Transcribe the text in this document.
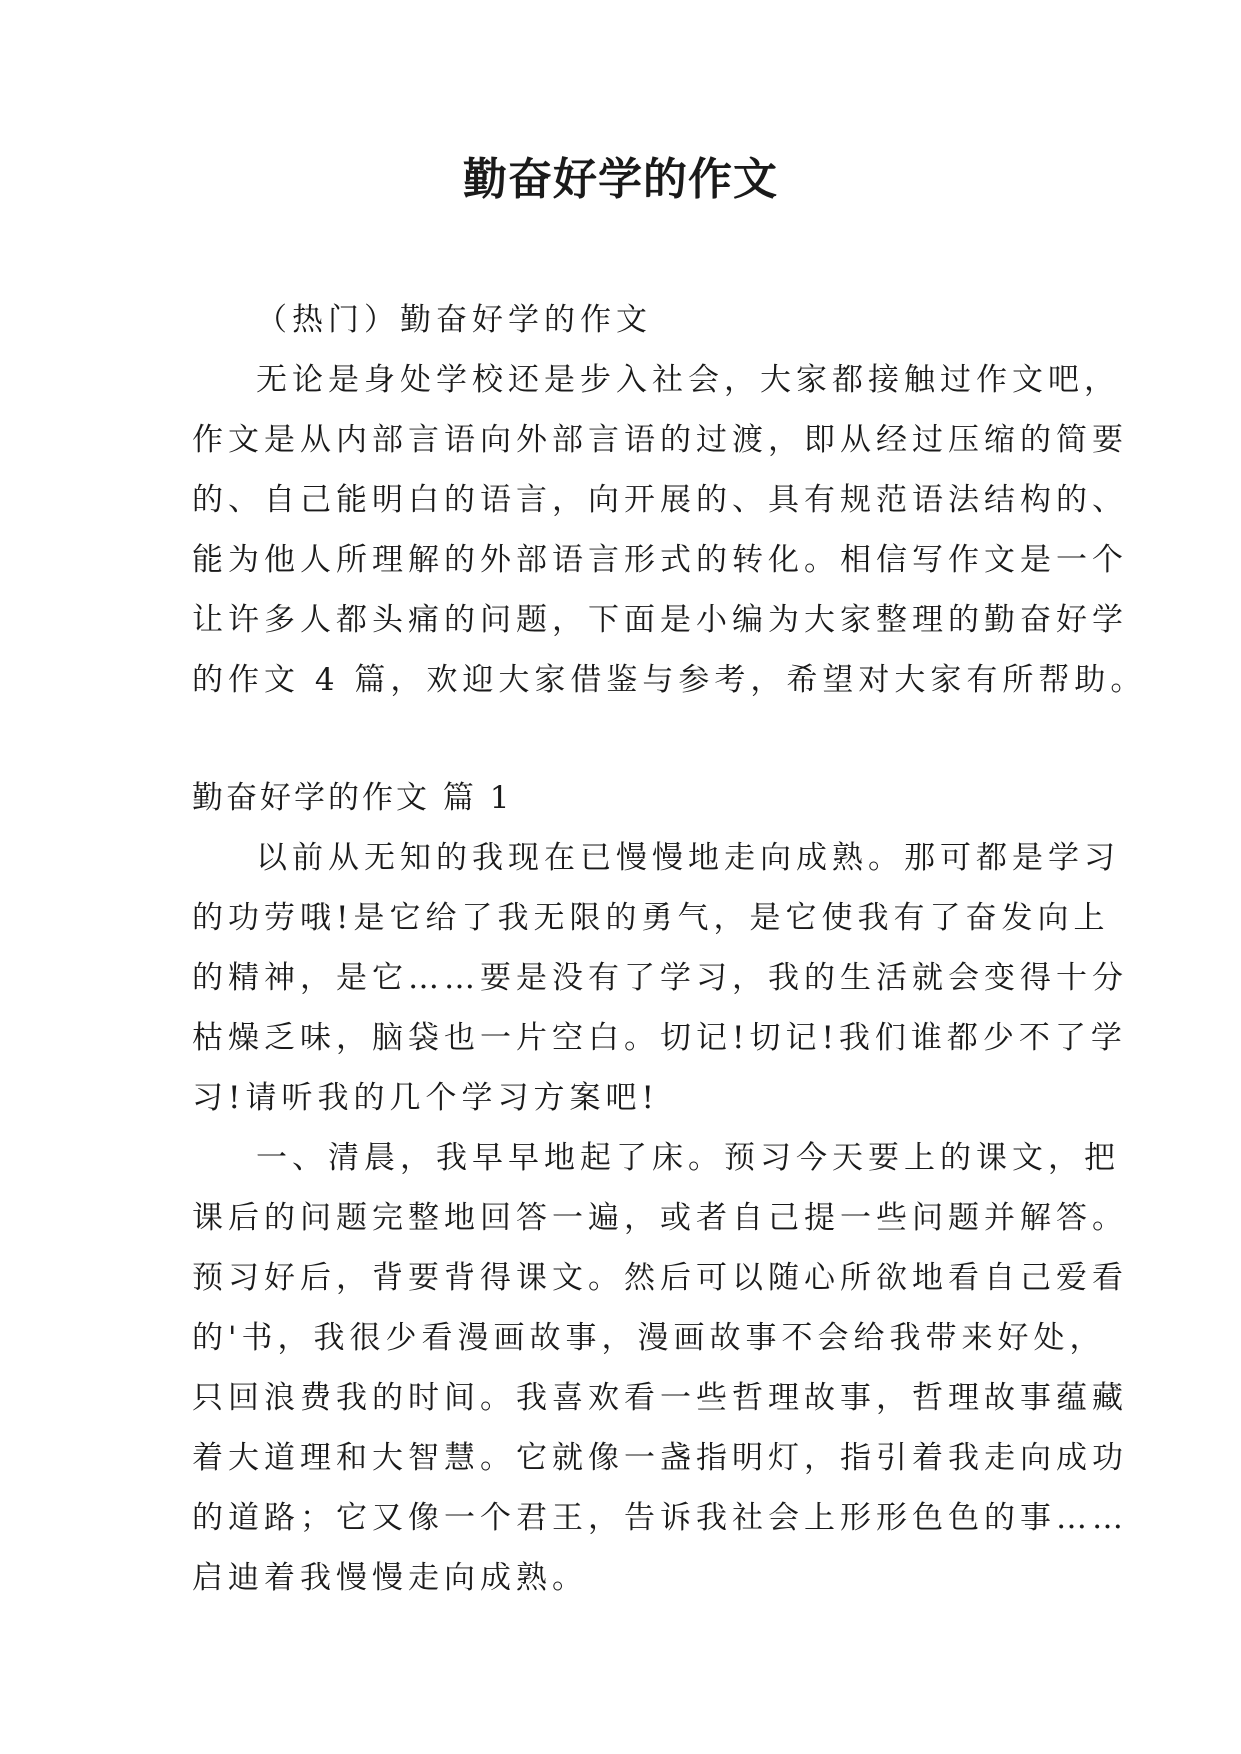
勤奋好学的作文

（热门）勤奋好学的作文

无论是身处学校还是步入社会，大家都接触过作文吧，

作文是从内部言语向外部言语的过渡，即从经过压缩的简要

的、自己能明白的语言，向开展的、具有规范语法结构的、

能为他人所理解的外部语言形式的转化。相信写作文是一个

让许多人都头痛的问题，下面是小编为大家整理的勤奋好学

的作文 4 篇，欢迎大家借鉴与参考，希望对大家有所帮助。

勤奋好学的作文 篇 1

以前从无知的我现在已慢慢地走向成熟。那可都是学习

的功劳哦!是它给了我无限的勇气，是它使我有了奋发向上

的精神，是它……要是没有了学习，我的生活就会变得十分

枯燥乏味，脑袋也一片空白。切记!切记!我们谁都少不了学

习!请听我的几个学习方案吧!

一、清晨，我早早地起了床。预习今天要上的课文，把

课后的问题完整地回答一遍，或者自己提一些问题并解答。

预习好后，背要背得课文。然后可以随心所欲地看自己爱看

的'书，我很少看漫画故事，漫画故事不会给我带来好处，

只回浪费我的时间。我喜欢看一些哲理故事，哲理故事蕴藏

着大道理和大智慧。它就像一盏指明灯，指引着我走向成功

的道路；它又像一个君王，告诉我社会上形形色色的事……

启迪着我慢慢走向成熟。
